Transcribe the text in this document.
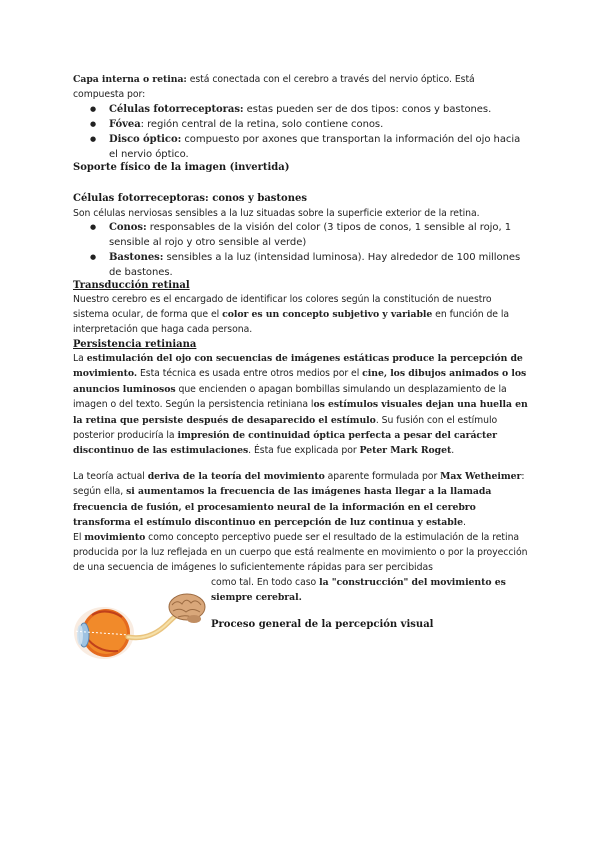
Capa interna o retina: está conectada con el cerebro a través del nervio óptico. Está
compuesta por:
● Células fotorreceptoras: estas pueden ser de dos tipos: conos y bastones.
● Fóvea: región central de la retina, solo contiene conos.
● Disco óptico: compuesto por axones que transportan la información del ojo hacia el nervio óptico.
Soporte físico de la imagen (invertida)
Células fotorreceptoras: conos y bastones
Son células nerviosas sensibles a la luz situadas sobre la superficie exterior de la retina.
● Conos: responsables de la visión del color (3 tipos de conos, 1 sensible al rojo, 1 sensible al rojo y otro sensible al verde)
● Bastones: sensibles a la luz (intensidad luminosa). Hay alrededor de 100 millones de bastones.
Transducción retinal
Nuestro cerebro es el encargado de identificar los colores según la constitución de nuestro sistema ocular, de forma que el color es un concepto subjetivo y variable en función de la interpretación que haga cada persona.
Persistencia retiniana
La estimulación del ojo con secuencias de imágenes estáticas produce la percepción de movimiento. Esta técnica es usada entre otros medios por el cine, los dibujos animados o los anuncios luminosos que encienden o apagan bombillas simulando un desplazamiento de la imagen o del texto. Según la persistencia retiniana los estímulos visuales dejan una huella en la retina que persiste después de desaparecido el estímulo. Su fusión con el estímulo posterior produciría la impresión de continuidad óptica perfecta a pesar del carácter discontinuo de las estimulaciones. Ésta fue explicada por Peter Mark Roget.
La teoría actual deriva de la teoría del movimiento aparente formulada por Max Wetheimer: según ella, si aumentamos la frecuencia de las imágenes hasta llegar a la llamada frecuencia de fusión, el procesamiento neural de la información en el cerebro transforma el estímulo discontinuo en percepción de luz continua y estable.
El movimiento como concepto perceptivo puede ser el resultado de la estimulación de la retina producida por la luz reflejada en un cuerpo que está realmente en movimiento o por la proyección de una secuencia de imágenes lo suficientemente rápidas para ser percibidas
como tal. En todo caso la "construcción" del movimiento es siempre cerebral.
Proceso general de la percepción visual
